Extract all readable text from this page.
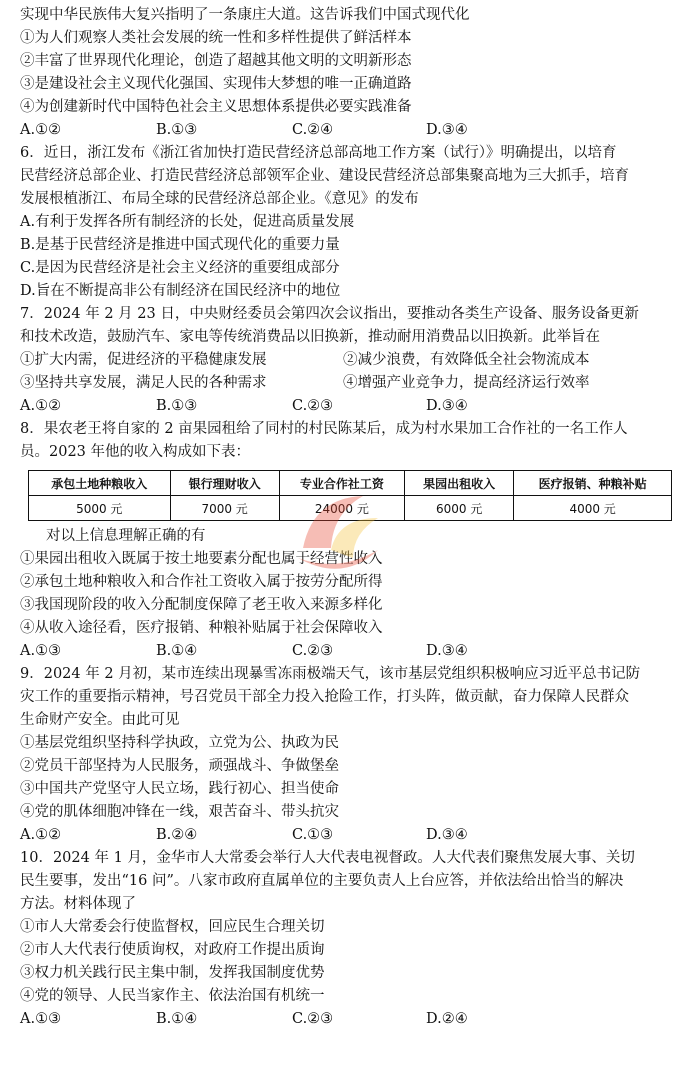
实现中华民族伟大复兴指明了一条康庄大道。这告诉我们中国式现代化
①为人们观察人类社会发展的统一性和多样性提供了鲜活样本
②丰富了世界现代化理论，创造了超越其他文明的文明新形态
③是建设社会主义现代化强国、实现伟大梦想的唯一正确道路
④为创建新时代中国特色社会主义思想体系提供必要实践准备
A.①②	B.①③	C.②④	D.③④
6．近日，浙江发布《浙江省加快打造民营经济总部高地工作方案（试行）》明确提出，以培育
民营经济总部企业、打造民营经济总部领军企业、建设民营经济总部集聚高地为三大抓手，培育
发展根植浙江、布局全球的民营经济总部企业。《意见》的发布
A.有利于发挥各所有制经济的长处，促进高质量发展
B.是基于民营经济是推进中国式现代化的重要力量
C.是因为民营经济是社会主义经济的重要组成部分
D.旨在不断提高非公有制经济在国民经济中的地位
7．2024 年 2 月 23 日，中央财经委员会第四次会议指出，要推动各类生产设备、服务设备更新
和技术改造，鼓励汽车、家电等传统消费品以旧换新，推动耐用消费品以旧换新。此举旨在
①扩大内需，促进经济的平稳健康发展	②减少浪费，有效降低全社会物流成本
③坚持共享发展，满足人民的各种需求	④增强产业竞争力，提高经济运行效率
A.①②	B.①③	C.②③	D.③④
8．果农老王将自家的 2 亩果园租给了同村的村民陈某后，成为村水果加工合作社的一名工作人
员。2023 年他的收入构成如下表：
承包土地种粮收入	银行理财收入	专业合作社工资	果园出租收入	医疗报销、种粮补贴
5000 元	7000 元	24000 元	6000 元	4000 元
对以上信息理解正确的有
①果园出租收入既属于按土地要素分配也属于经营性收入
②承包土地种粮收入和合作社工资收入属于按劳分配所得
③我国现阶段的收入分配制度保障了老王收入来源多样化
④从收入途径看，医疗报销、种粮补贴属于社会保障收入
A.①③	B.①④	C.②③	D.③④
9．2024 年 2 月初，某市连续出现暴雪冻雨极端天气，该市基层党组织积极响应习近平总书记防
灾工作的重要指示精神，号召党员干部全力投入抢险工作，打头阵，做贡献，奋力保障人民群众
生命财产安全。由此可见
①基层党组织坚持科学执政，立党为公、执政为民
②党员干部坚持为人民服务，顽强战斗、争做堡垒
③中国共产党坚守人民立场，践行初心、担当使命
④党的肌体细胞冲锋在一线，艰苦奋斗、带头抗灾
A.①②	B.②④	C.①③	D.③④
10．2024 年 1 月，金华市人大常委会举行人大代表电视督政。人大代表们聚焦发展大事、关切
民生要事，发出“16 问”。八家市政府直属单位的主要负责人上台应答，并依法给出恰当的解决
方法。材料体现了
①市人大常委会行使监督权，回应民生合理关切
②市人大代表行使质询权，对政府工作提出质询
③权力机关践行民主集中制，发挥我国制度优势
④党的领导、人民当家作主、依法治国有机统一
A.①③	B.①④	C.②③	D.②④
